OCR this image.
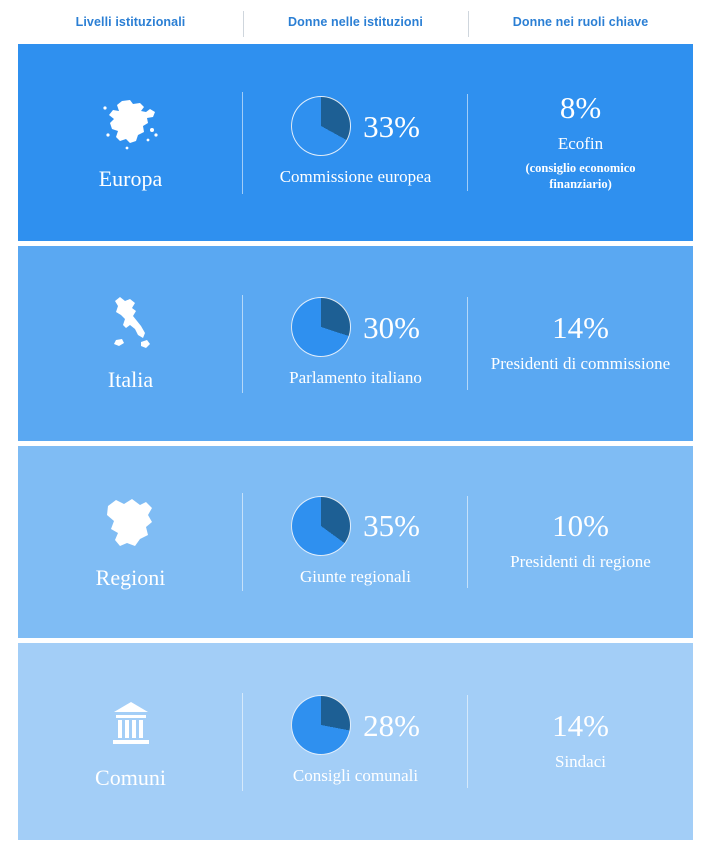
Livelli istituzionali	Donne nelle istituzioni	Donne nei ruoli chiave
Europa
33%
Commissione europea
8%
Ecofin
(consiglio economico finanziario)
Italia
30%
Parlamento italiano
14%
Presidenti di commissione
Regioni
35%
Giunte regionali
10%
Presidenti di regione
Comuni
28%
Consigli comunali
14%
Sindaci
